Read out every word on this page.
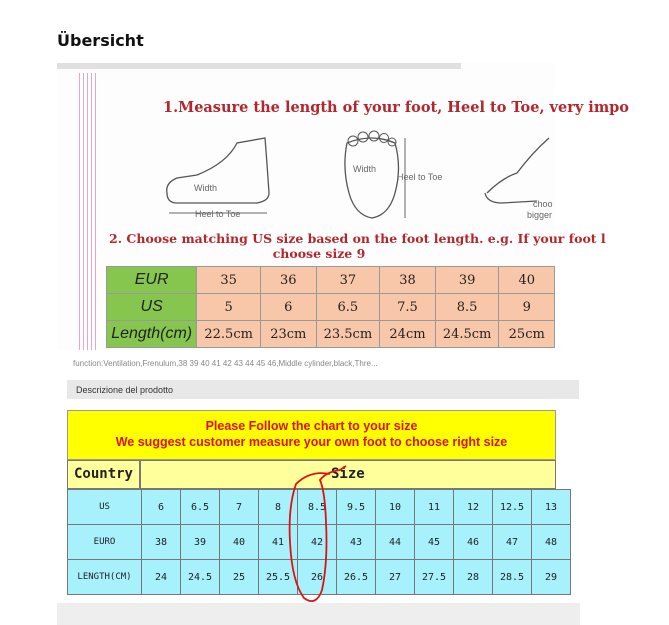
Übersicht
1.Measure the length of your foot, Heel to Toe, very impo
Width
Heel to Toe
Width
Heel to Toe
choo
bigger
2. Choose matching US size based on the foot length. e.g. If your foot l
choose size 9
EUR	35	36	37	38	39	40
US	5	6	6.5	7.5	8.5	9
Length(cm)	22.5cm	23cm	23.5cm	24cm	24.5cm	25cm
function:Ventilation,Frenulum,38 39 40 41 42 43 44 45 46,Middle cylinder,black,Thre...
Descrizione del prodotto
Please Follow the chart to your size
We suggest customer measure your own foot to choose right size
Country	Size
US	6	6.5	7	8	8.5	9.5	10	11	12	12.5	13
EURO	38	39	40	41	42	43	44	45	46	47	48
LENGTH(CM)	24	24.5	25	25.5	26	26.5	27	27.5	28	28.5	29
